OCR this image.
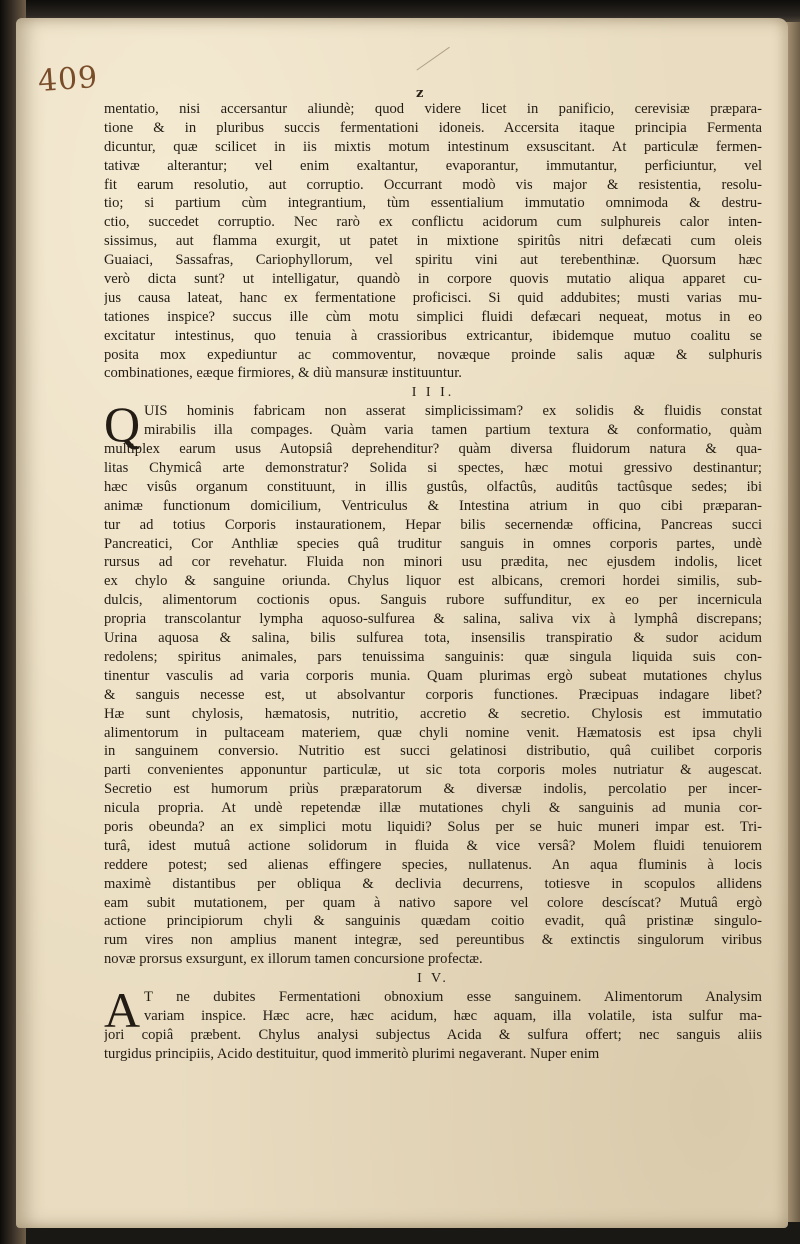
409	z
mentatio, nisi accersantur aliundè; quod videre licet in panificio, cerevisiæ præpara-
tione & in pluribus succis fermentationi idoneis. Accersita itaque principia Fermenta
dicuntur, quæ scilicet in iis mixtis motum intestinum exsuscitant. At particulæ fermen-
tativæ alterantur; vel enim exaltantur, evaporantur, immutantur, perficiuntur, vel
fit earum resolutio, aut corruptio. Occurrant modò vis major & resistentia, resolu-
tio; si partium cùm integrantium, tùm essentialium immutatio omnimoda & destru-
ctio, succedet corruptio. Nec rarò ex conflictu acidorum cum sulphureis calor inten-
sissimus, aut flamma exurgit, ut patet in mixtione spiritûs nitri defæcati cum oleis
Guaiaci, Sassafras, Cariophyllorum, vel spiritu vini aut terebenthinæ. Quorsum hæc
verò dicta sunt? ut intelligatur, quandò in corpore quovis mutatio aliqua apparet cu-
jus causa lateat, hanc ex fermentatione proficisci. Si quid addubites; musti varias mu-
tationes inspice? succus ille cùm motu simplici fluidi defæcari nequeat, motus in eo
excitatur intestinus, quo tenuia à crassioribus extricantur, ibidemque mutuo coalitu se
posita mox expediuntur ac commoventur, novæque proinde salis aquæ & sulphuris
combinationes, eæque firmiores, & diù mansuræ instituuntur.
I I I.
Q UIS hominis fabricam non asserat simplicissimam? ex solidis & fluidis constat
mirabilis illa compages. Quàm varia tamen partium textura & conformatio, quàm
multiplex earum usus Autopsiâ deprehenditur? quàm diversa fluidorum natura & qua-
litas Chymicâ arte demonstratur? Solida si spectes, hæc motui gressivo destinantur;
hæc visûs organum constituunt, in illis gustûs, olfactûs, auditûs tactûsque sedes; ibi
animæ functionum domicilium, Ventriculus & Intestina atrium in quo cibi præparan-
tur ad totius Corporis instaurationem, Hepar bilis secernendæ officina, Pancreas succi
Pancreatici, Cor Anthliæ species quâ truditur sanguis in omnes corporis partes, undè
rursus ad cor revehatur. Fluida non minori usu prædita, nec ejusdem indolis, licet
ex chylo & sanguine oriunda. Chylus liquor est albicans, cremori hordei similis, sub-
dulcis, alimentorum coctionis opus. Sanguis rubore suffunditur, ex eo per incernicula
propria transcolantur lympha aquoso-sulfurea & salina, saliva vix à lymphâ discrepans;
Urina aquosa & salina, bilis sulfurea tota, insensilis transpiratio & sudor acidum
redolens; spiritus animales, pars tenuissima sanguinis: quæ singula liquida suis con-
tinentur vasculis ad varia corporis munia. Quam plurimas ergò subeat mutationes chylus
& sanguis necesse est, ut absolvantur corporis functiones. Præcipuas indagare libet?
Hæ sunt chylosis, hæmatosis, nutritio, accretio & secretio. Chylosis est immutatio
alimentorum in pultaceam materiem, quæ chyli nomine venit. Hæmatosis est ipsa chyli
in sanguinem conversio. Nutritio est succi gelatinosi distributio, quâ cuilibet corporis
parti convenientes apponuntur particulæ, ut sic tota corporis moles nutriatur & augescat.
Secretio est humorum priùs præparatorum & diversæ indolis, percolatio per incer-
nicula propria. At undè repetendæ illæ mutationes chyli & sanguinis ad munia cor-
poris obeunda? an ex simplici motu liquidi? Solus per se huic muneri impar est. Tri-
turâ, idest mutuâ actione solidorum in fluida & vice versâ? Molem fluidi tenuiorem
reddere potest; sed alienas effingere species, nullatenus. An aqua fluminis à locis
maximè distantibus per obliqua & declivia decurrens, totiesve in scopulos allidens
eam subit mutationem, per quam à nativo sapore vel colore descíscat? Mutuâ ergò
actione principiorum chyli & sanguinis quædam coitio evadit, quâ pristinæ singulo-
rum vires non amplius manent integræ, sed pereuntibus & extinctis singulorum viribus
novæ prorsus exsurgunt, ex illorum tamen concursione profectæ.
I V.
A T ne dubites Fermentationi obnoxium esse sanguinem. Alimentorum Analysim
variam inspice. Hæc acre, hæc acidum, hæc aquam, illa volatile, ista sulfur ma-
jori copiâ præbent. Chylus analysi subjectus Acida & sulfura offert; nec sanguis aliis
turgidus principiis, Acido destituitur, quod immeritò plurimi negaverant. Nuper enim
